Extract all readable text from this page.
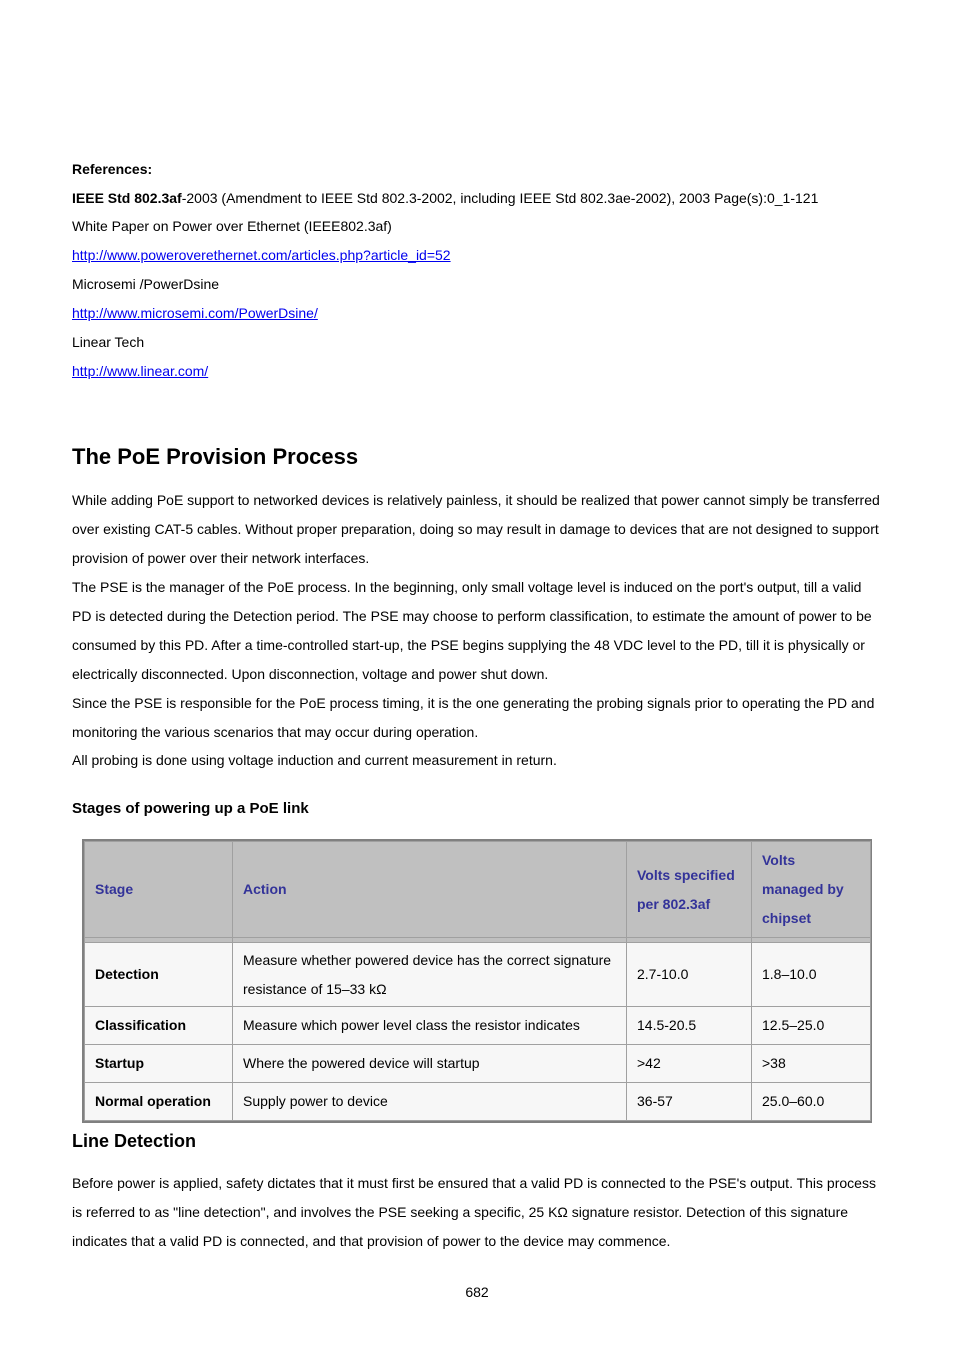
References:
IEEE Std 802.3af-2003 (Amendment to IEEE Std 802.3-2002, including IEEE Std 802.3ae-2002), 2003 Page(s):0_1-121
White Paper on Power over Ethernet (IEEE802.3af)
http://www.poweroverethernet.com/articles.php?article_id=52
Microsemi /PowerDsine
http://www.microsemi.com/PowerDsine/
Linear Tech
http://www.linear.com/
The PoE Provision Process

While adding PoE support to networked devices is relatively painless, it should be realized that power cannot simply be transferred over existing CAT-5 cables. Without proper preparation, doing so may result in damage to devices that are not designed to support provision of power over their network interfaces.

The PSE is the manager of the PoE process. In the beginning, only small voltage level is induced on the port's output, till a valid PD is detected during the Detection period. The PSE may choose to perform classification, to estimate the amount of power to be consumed by this PD. After a time-controlled start-up, the PSE begins supplying the 48 VDC level to the PD, till it is physically or electrically disconnected. Upon disconnection, voltage and power shut down.

Since the PSE is responsible for the PoE process timing, it is the one generating the probing signals prior to operating the PD and monitoring the various scenarios that may occur during operation.

All probing is done using voltage induction and current measurement in return.

Stages of powering up a PoE link
Line Detection

Before power is applied, safety dictates that it must first be ensured that a valid PD is connected to the PSE's output. This process is referred to as "line detection", and involves the PSE seeking a specific, 25 KΩ signature resistor. Detection of this signature indicates that a valid PD is connected, and that provision of power to the device may commence.

Stage	Action	Volts specified per 802.3af	Volts managed by chipset

Detection	Measure whether powered device has the correct signature resistance of 15–33 kΩ	2.7-10.0	1.8–10.0
Classification	Measure which power level class the resistor indicates	14.5-20.5	12.5–25.0
Startup	Where the powered device will startup	>42	>38
Normal operation	Supply power to device	36-57	25.0–60.0
682
